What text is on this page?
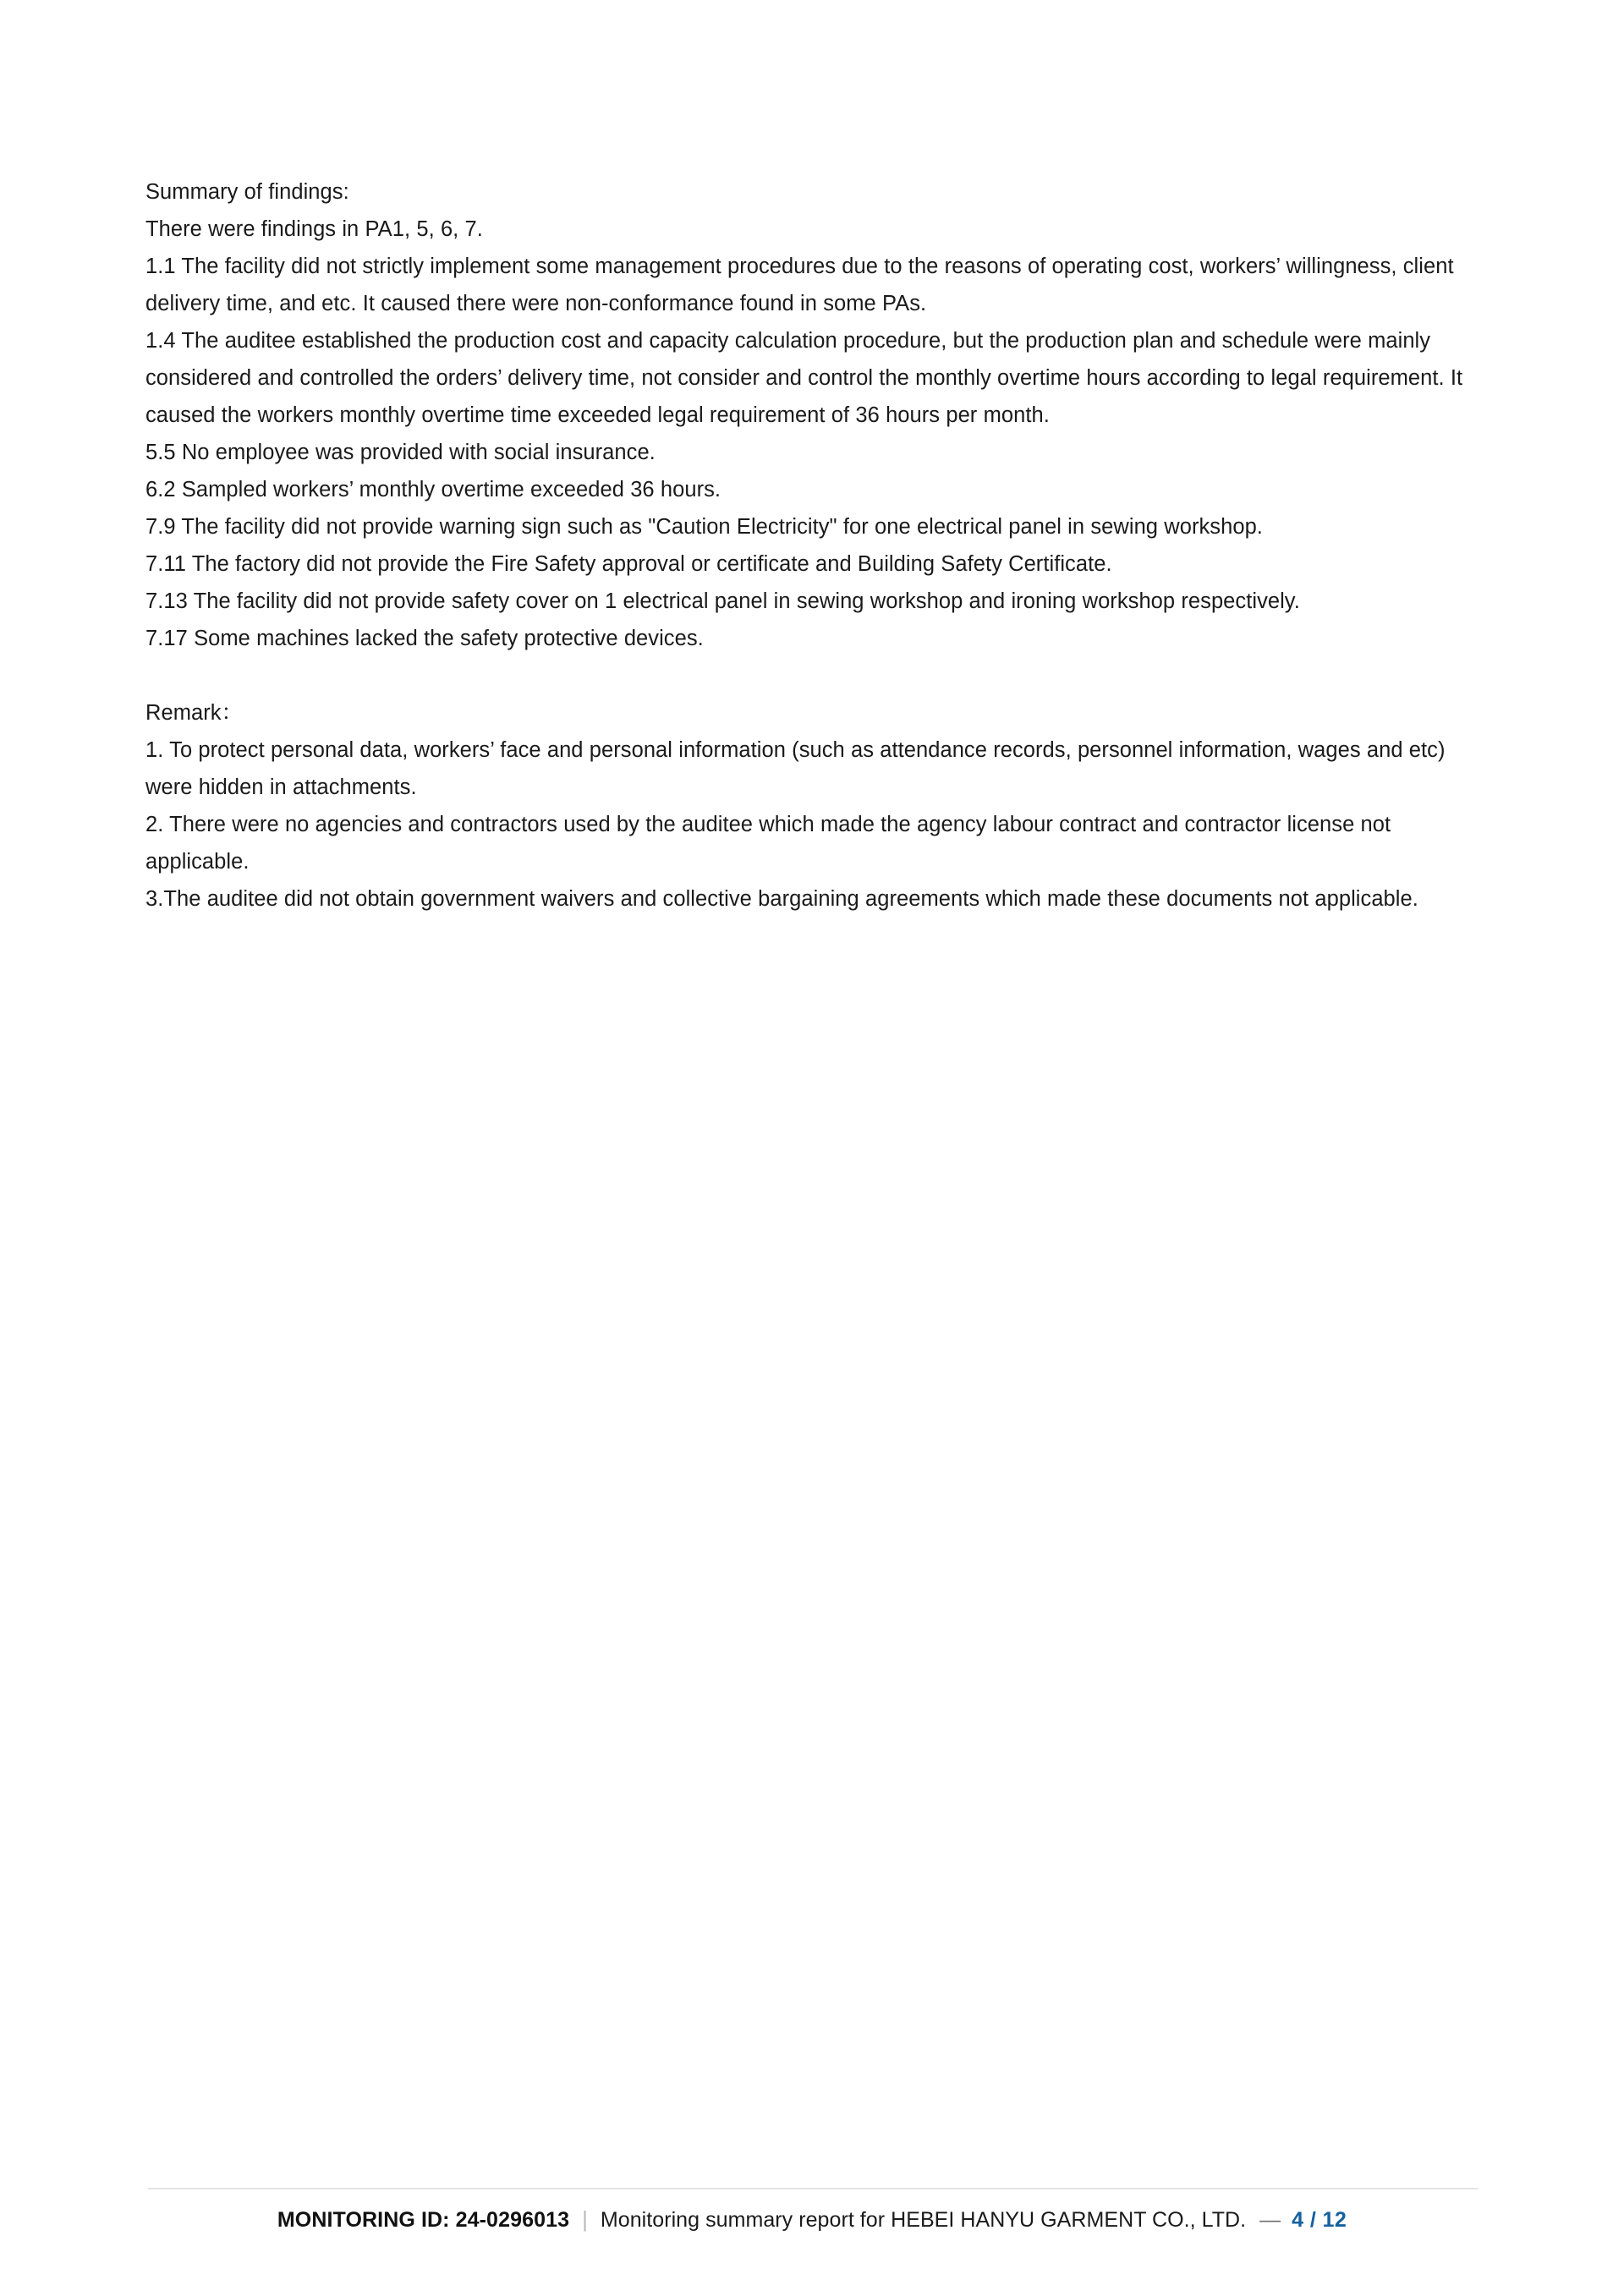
Summary of findings:

There were findings in PA1, 5, 6, 7.

1.1 The facility did not strictly implement some management procedures due to the reasons of operating cost, workers’ willingness, client delivery time, and etc. It caused there were non-conformance found in some PAs.

1.4 The auditee established the production cost and capacity calculation procedure, but the production plan and schedule were mainly considered and controlled the orders’ delivery time, not consider and control the monthly overtime hours according to legal requirement. It caused the workers monthly overtime time exceeded legal requirement of 36 hours per month.

5.5 No employee was provided with social insurance.

6.2 Sampled workers’ monthly overtime exceeded 36 hours.

7.9 The facility did not provide warning sign such as "Caution Electricity" for one electrical panel in sewing workshop.

7.11 The factory did not provide the Fire Safety approval or certificate and Building Safety Certificate.

7.13 The facility did not provide safety cover on 1 electrical panel in sewing workshop and ironing workshop respectively.

7.17 Some machines lacked the safety protective devices.

Remark：

1. To protect personal data, workers’ face and personal information (such as attendance records, personnel information, wages and etc) were hidden in attachments.

2. There were no agencies and contractors used by the auditee which made the agency labour contract and contractor license not applicable.

3.The auditee did not obtain government waivers and collective bargaining agreements which made these documents not applicable.

MONITORING ID: 24-0296013 | Monitoring summary report for HEBEI HANYU GARMENT CO., LTD. — 4 / 12
